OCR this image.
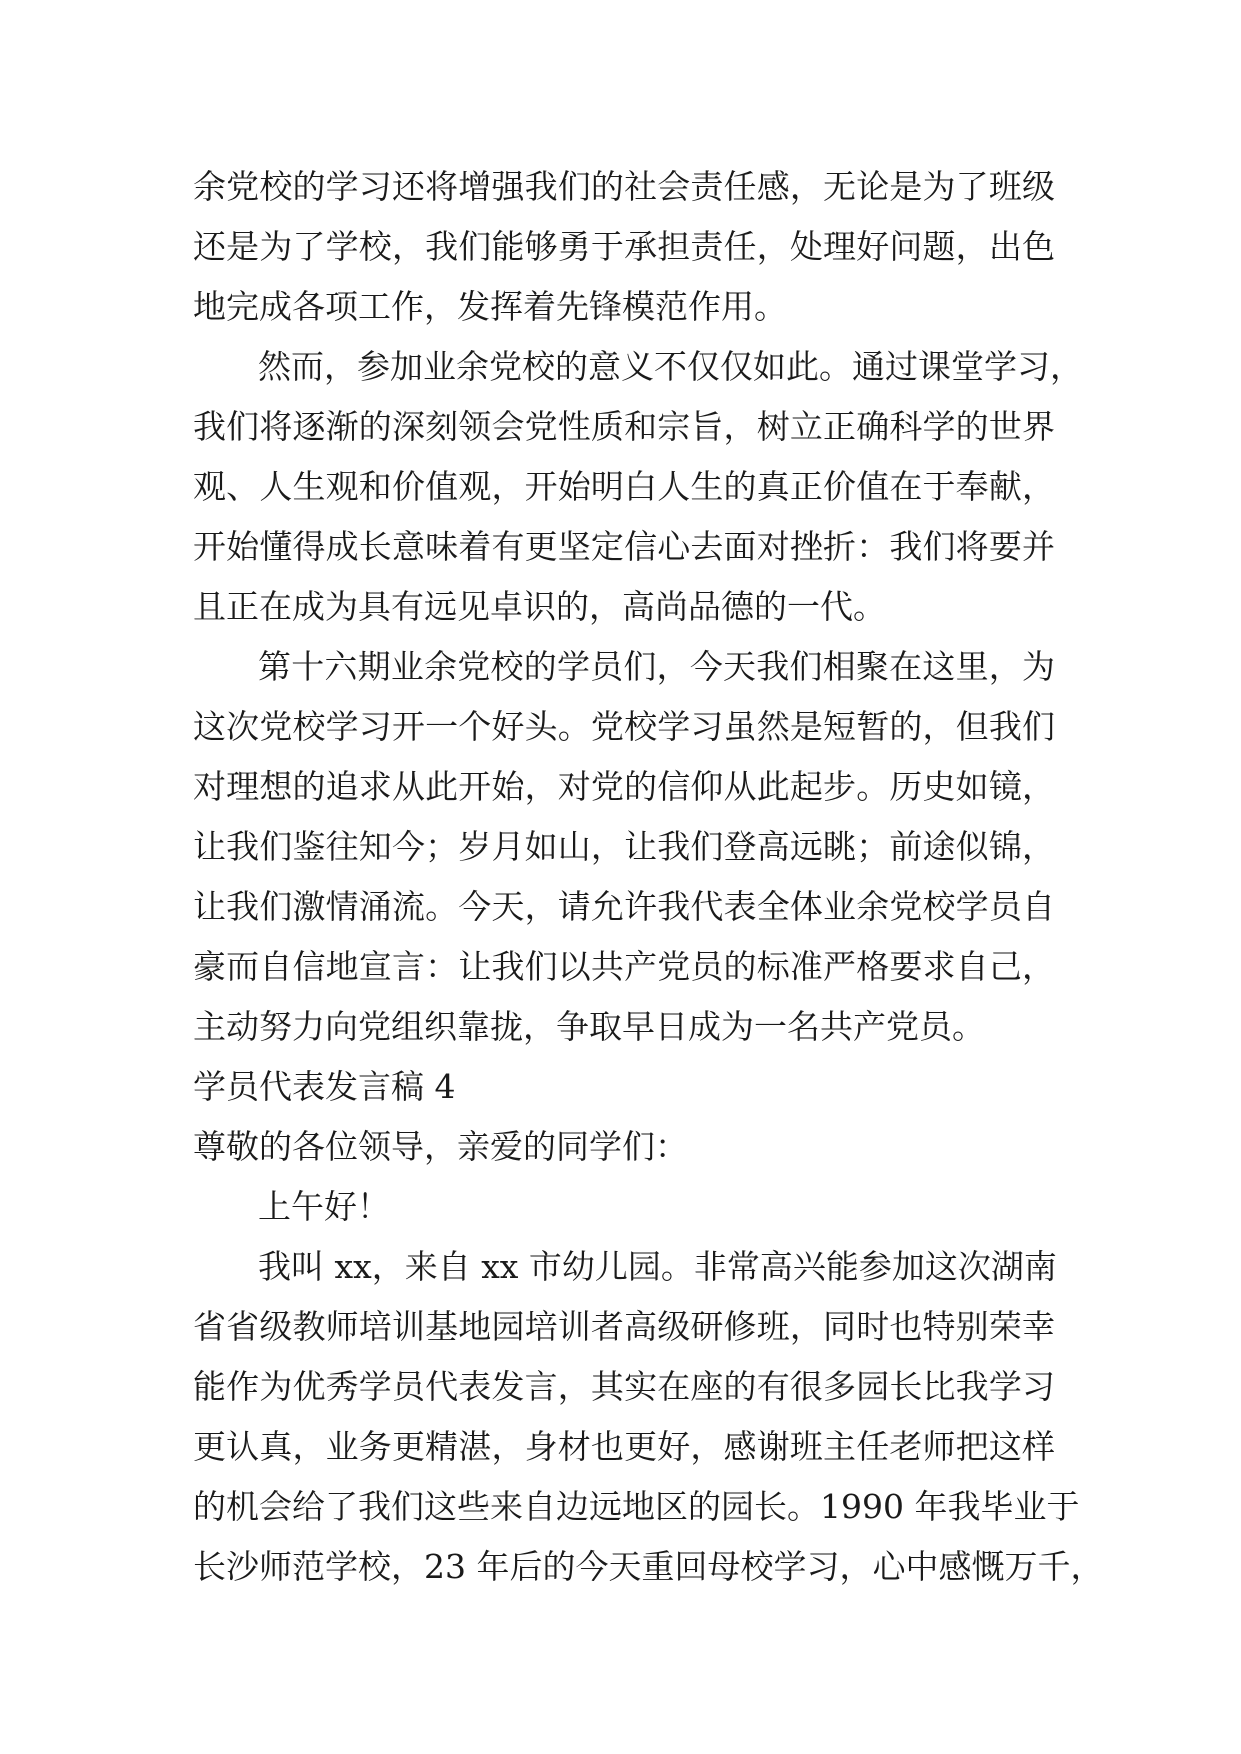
余党校的学习还将增强我们的社会责任感，无论是为了班级
还是为了学校，我们能够勇于承担责任，处理好问题，出色
地完成各项工作，发挥着先锋模范作用。
然而，参加业余党校的意义不仅仅如此。通过课堂学习，
我们将逐渐的深刻领会党性质和宗旨，树立正确科学的世界
观、人生观和价值观，开始明白人生的真正价值在于奉献，
开始懂得成长意味着有更坚定信心去面对挫折：我们将要并
且正在成为具有远见卓识的，高尚品德的一代。
第十六期业余党校的学员们，今天我们相聚在这里，为
这次党校学习开一个好头。党校学习虽然是短暂的，但我们
对理想的追求从此开始，对党的信仰从此起步。历史如镜，
让我们鉴往知今；岁月如山，让我们登高远眺；前途似锦，
让我们激情涌流。今天，请允许我代表全体业余党校学员自
豪而自信地宣言：让我们以共产党员的标准严格要求自己，
主动努力向党组织靠拢，争取早日成为一名共产党员。
学员代表发言稿 4
尊敬的各位领导，亲爱的同学们：
上午好！
我叫 xx，来自 xx 市幼儿园。非常高兴能参加这次湖南
省省级教师培训基地园培训者高级研修班，同时也特别荣幸
能作为优秀学员代表发言，其实在座的有很多园长比我学习
更认真，业务更精湛，身材也更好，感谢班主任老师把这样
的机会给了我们这些来自边远地区的园长。1990 年我毕业于
长沙师范学校，23 年后的今天重回母校学习，心中感慨万千，
